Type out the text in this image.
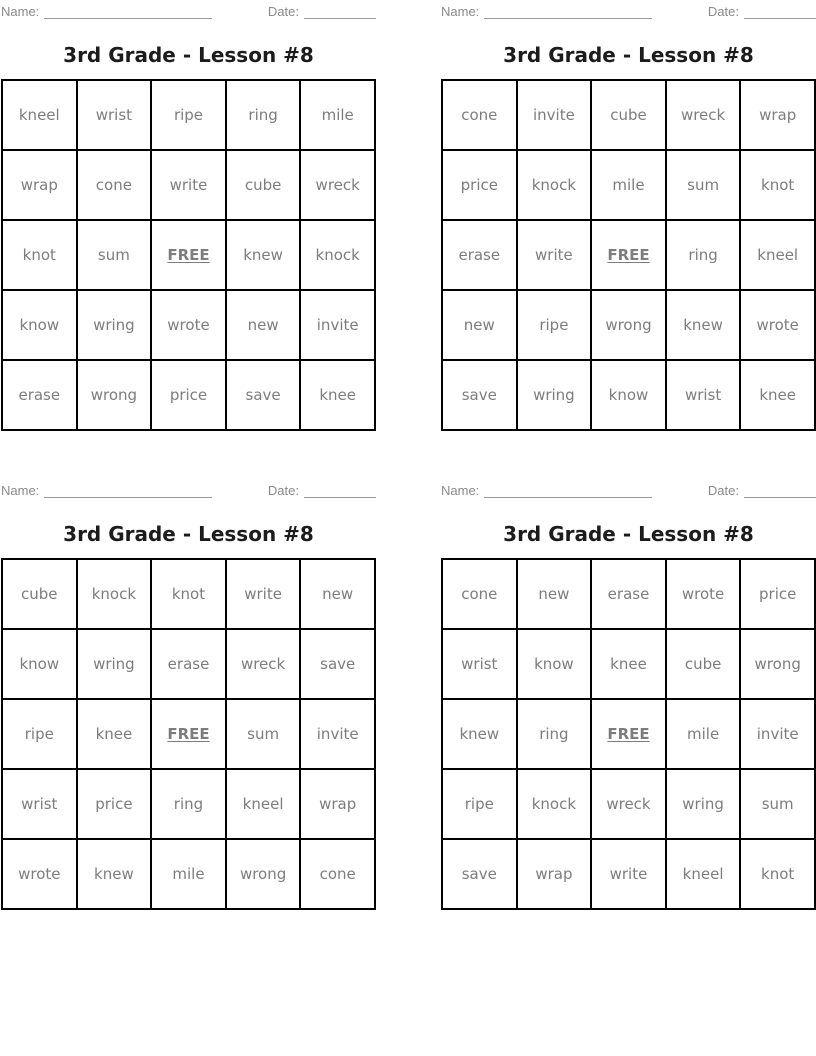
Name:	Date:
3rd Grade - Lesson #8
kneel	wrist	ripe	ring	mile
wrap	cone	write	cube	wreck
knot	sum	FREE	knew	knock
know	wring	wrote	new	invite
erase	wrong	price	save	knee
Name:	Date:
3rd Grade - Lesson #8
cone	invite	cube	wreck	wrap
price	knock	mile	sum	knot
erase	write	FREE	ring	kneel
new	ripe	wrong	knew	wrote
save	wring	know	wrist	knee
Name:	Date:
3rd Grade - Lesson #8
cube	knock	knot	write	new
know	wring	erase	wreck	save
ripe	knee	FREE	sum	invite
wrist	price	ring	kneel	wrap
wrote	knew	mile	wrong	cone
Name:	Date:
3rd Grade - Lesson #8
cone	new	erase	wrote	price
wrist	know	knee	cube	wrong
knew	ring	FREE	mile	invite
ripe	knock	wreck	wring	sum
save	wrap	write	kneel	knot
